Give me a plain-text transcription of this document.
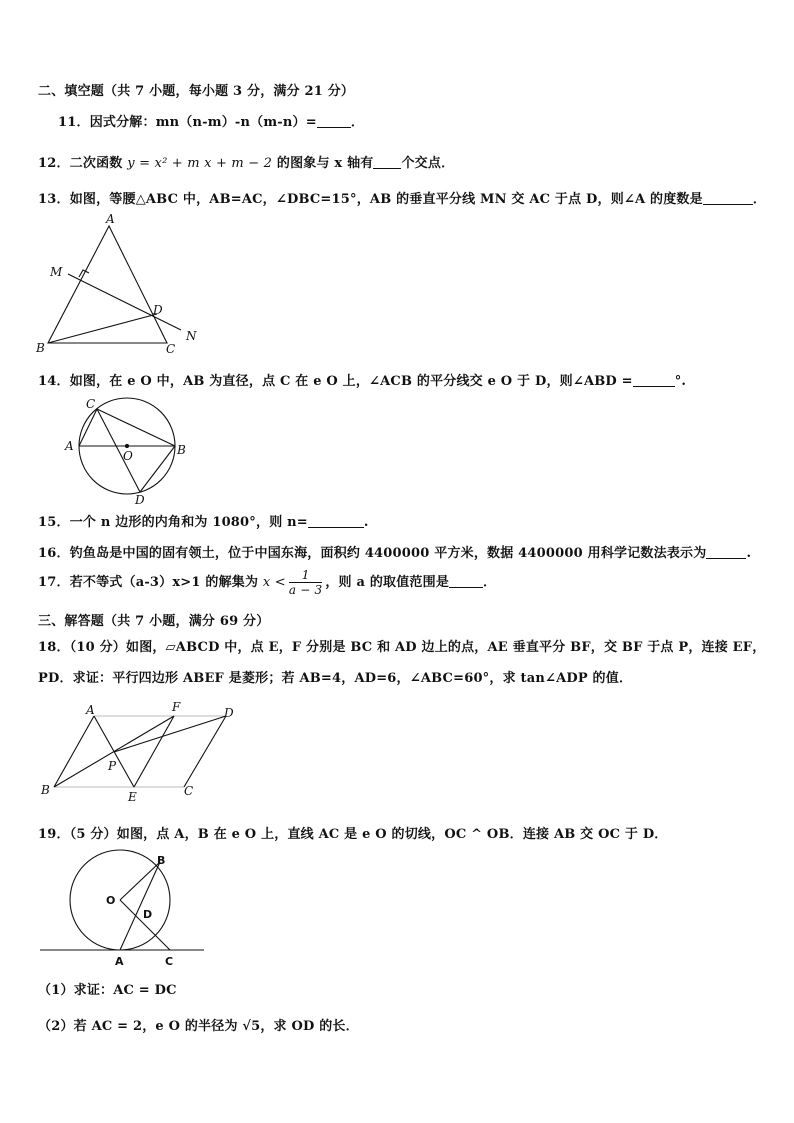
二、填空题（共 7 小题，每小题 3 分，满分 21 分）
11．因式分解：mn（n-m）-n（m-n）=	．
12．二次函数 y = x² + m x + m − 2 的图象与 x 轴有 个交点．
13．如图，等腰△ABC 中，AB=AC，∠DBC=15°，AB 的垂直平分线 MN 交 AC 于点 D，则∠A 的度数是	．
A
M
D
N
B	C
14．如图，在 e O 中，AB 为直径，点 C 在 e O 上，∠ACB 的平分线交 e O 于 D，则∠ABD =	°.
C
A
O	B
D
15．一个 n 边形的内角和为 1080°，则 n=	.
16．钓鱼岛是中国的固有领土，位于中国东海，面积约 4400000 平方米，数据 4400000 用科学记数法表示为	.
17．若不等式（a-3）x>1 的解集为 $x < \frac{1}{a - 3}$ ，则 a 的取值范围是	．
三、解答题（共 7 小题，满分 69 分）
18．（10 分）如图，▱ABCD 中，点 E，F 分别是 BC 和 AD 边上的点，AE 垂直平分 BF，交 BF 于点 P，连接 EF，
PD．求证：平行四边形 ABEF 是菱形；若 AB=4，AD=6，∠ABC=60°，求 tan∠ADP 的值．
A	F	D
P
B	E	C
19．（5 分）如图，点 A，B 在 e O 上，直线 AC 是 e O 的切线，OC ^ OB．连接 AB 交 OC 于 D．
B
O
D
A	C
（1）求证：AC = DC
（2）若 AC = 2，e O 的半径为 √5，求 OD 的长．
